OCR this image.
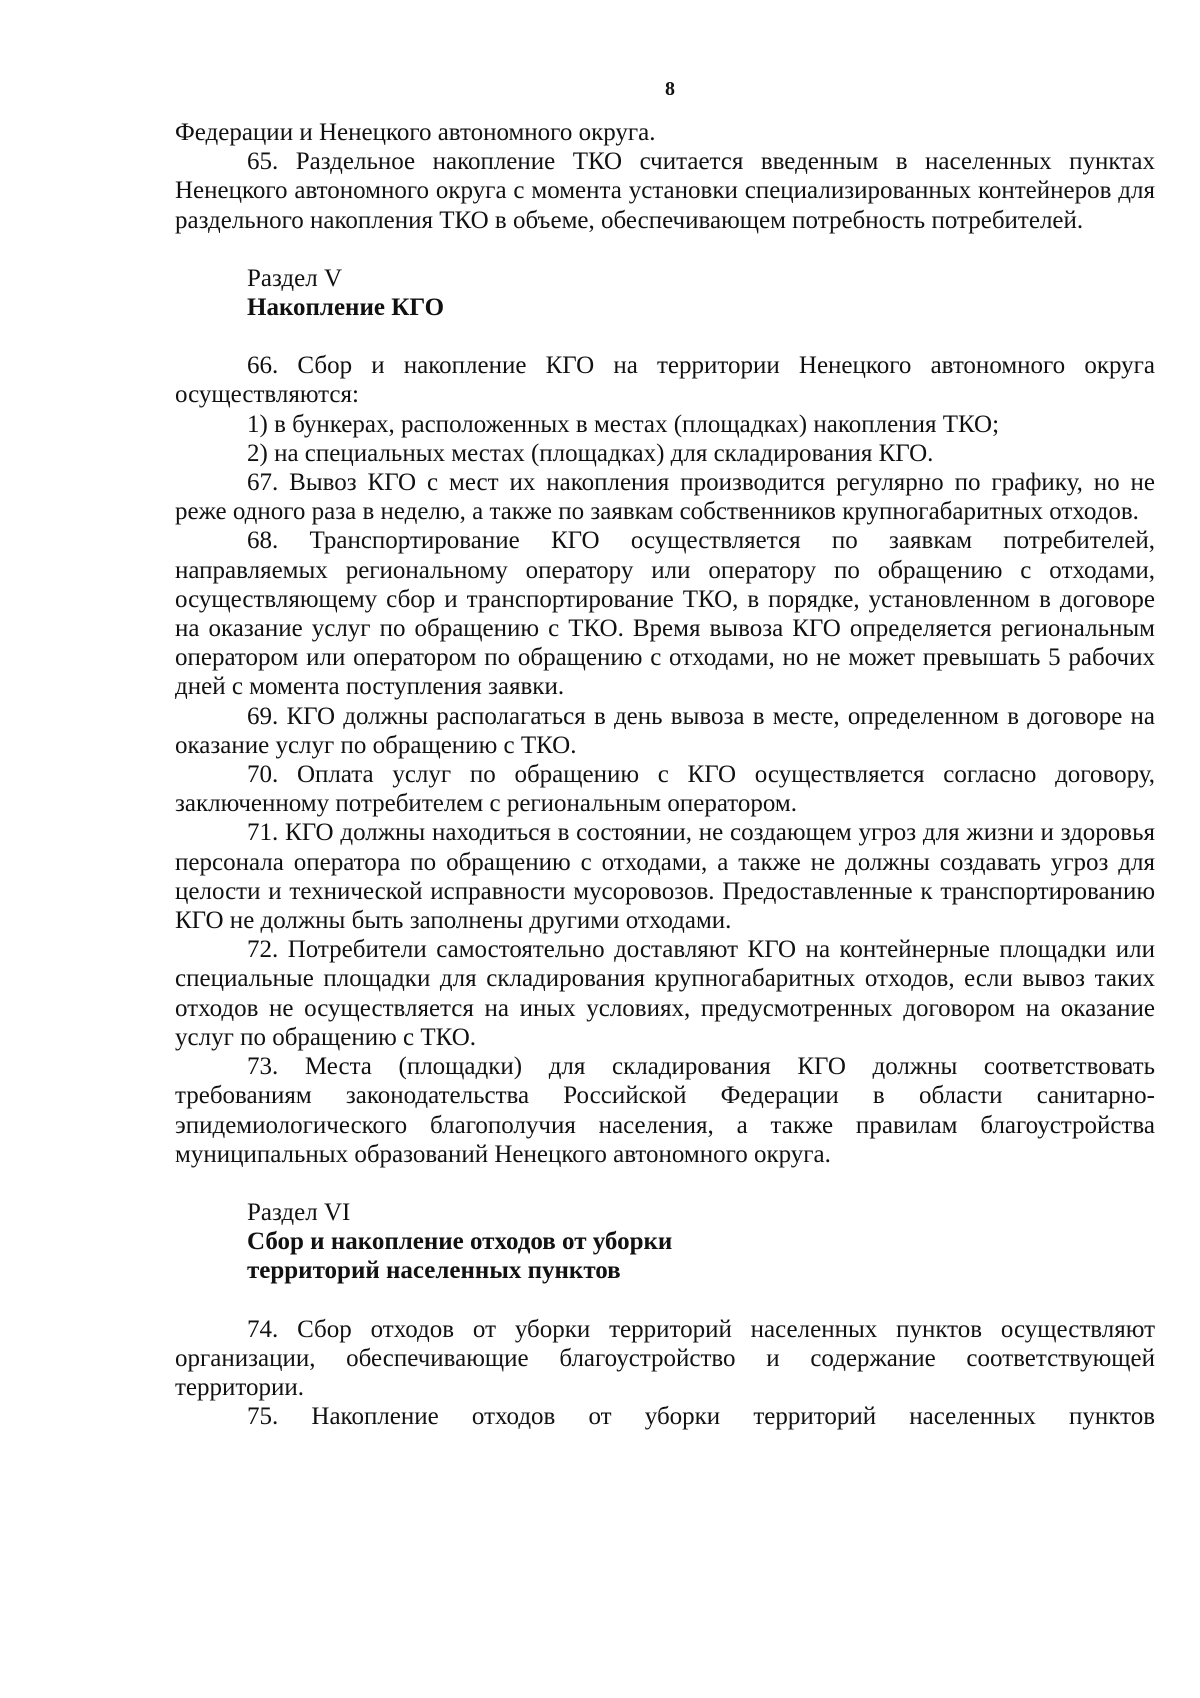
8

Федерации и Ненецкого автономного округа.

65. Раздельное накопление ТКО считается введенным в населенных пунктах Ненецкого автономного округа с момента установки специализированных контейнеров для раздельного накопления ТКО в объеме, обеспечивающем потребность потребителей.

Раздел V

Накопление КГО

66. Сбор и накопление КГО на территории Ненецкого автономного округа осуществляются:

1) в бункерах, расположенных в местах (площадках) накопления ТКО;

2) на специальных местах (площадках) для складирования КГО.

67. Вывоз КГО с мест их накопления производится регулярно по графику, но не реже одного раза в неделю, а также по заявкам собственников крупногабаритных отходов.

68. Транспортирование КГО осуществляется по заявкам потребителей, направляемых региональному оператору или оператору по обращению с отходами, осуществляющему сбор и транспортирование ТКО, в порядке, установленном в договоре на оказание услуг по обращению с ТКО. Время вывоза КГО определяется региональным оператором или оператором по обращению с отходами, но не может превышать 5 рабочих дней с момента поступления заявки.

69. КГО должны располагаться в день вывоза в месте, определенном в договоре на оказание услуг по обращению с ТКО.

70. Оплата услуг по обращению с КГО осуществляется согласно договору, заключенному потребителем с региональным оператором.

71. КГО должны находиться в состоянии, не создающем угроз для жизни и здоровья персонала оператора по обращению с отходами, а также не должны создавать угроз для целости и технической исправности мусоровозов. Предоставленные к транспортированию КГО не должны быть заполнены другими отходами.

72. Потребители самостоятельно доставляют КГО на контейнерные площадки или специальные площадки для складирования крупногабаритных отходов, если вывоз таких отходов не осуществляется на иных условиях, предусмотренных договором на оказание услуг по обращению с ТКО.

73. Места (площадки) для складирования КГО должны соответствовать требованиям законодательства Российской Федерации в области санитарно-эпидемиологического благополучия населения, а также правилам благоустройства муниципальных образований Ненецкого автономного округа.

Раздел VI

Сбор и накопление отходов от уборки

территорий населенных пунктов

74. Сбор отходов от уборки территорий населенных пунктов осуществляют организации, обеспечивающие благоустройство и содержание соответствующей территории.

75. Накопление отходов от уборки территорий населенных пунктов
